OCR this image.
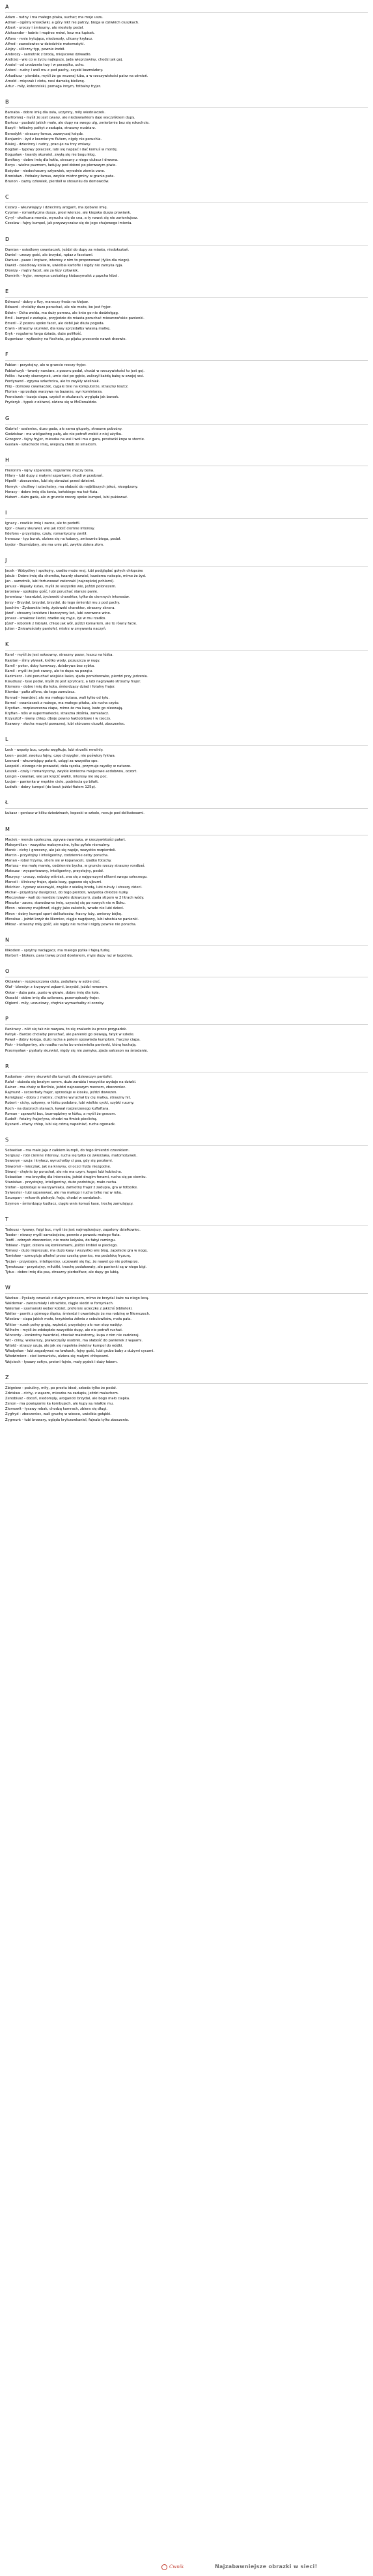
A
Adam - rudny i ma małego ptaka, suchar; ma moje uszu.
Adrian - ogólny kreskówki, a góry nikt nie patrzy, biega w dziwkich ciuszkach.
Albert - uroczy i śmieszny, ale niestety pedał.
Aleksander - ładnie i mądrze mówi, lecz ma łupisek.
Alfons - mnie irytujące, niedorosły, ulicany kryłacz.
Alfred - zawsdowiec w dziedzinie matematyki.
Alojzy - silliczny typ, pewnie żodół.
Ambrozy - samotnik z brodą, miejscowe dziwadło.
Andrzej - wie co w życiu najlepsze, jada wieprzowiny, chodzi jak gej.
Anatol - od urodzenia trzy i w porządku, ucho.
Antoni - rudny i woli mu z pod pachy, czyobi bezmózbny.
Arkadiusz - pierdała, myśli że go wczoraj łuba, a w rzeczywistości patrz na ożmień.
Arnold - mięczak i ciota, nosi damską bieliznę.
Artur - miły, kołeczelski, pomaga innym, fotbalny fryjer.
B
Barnaba - dobre imię dla osła, uczynny, miły wiedniaczek.
Bartłomiej - myśli że jest cwany, ale niedowiarkiem daje wyczyńkiem dupy.
Bartosz - pusbuki jakich mało, ale dupy na swego ulg, zmierbrnie bez się rokachcie.
Bazyli - fotbalny pałkyt z zadupia, straszny nudziarz.
Benedykt - straszny łamus, zazwyczaj księdz.
Benjamin - żyd z kosmiorym flutem, nigdy nie poruchia.
Błażej - dziecinny i rudny, pracuje na trzy zmiany.
Bogdan - typowy polaczek, lubi się napijać i dać komuś w mordę.
Bogusław - twardy skurwiel, zwyłą się nie bogu kłog.
Bonifacy - dobre imię dla kotła, straczny z niego ciułacz i drwona.
Borys - wielne puzmorn, ładujuy pod dobrei po pierwszym piwie.
Bożydar - niedochaczny szlyowiek, wyrodnie ziemia vane.
Bronisław - fotbalny łamus, zwykle mistrz gminy w granio puta.
Brunon - cazny człowiek, pierdolł w stosunku do domowców.
C
Cezary - wkurwiający i dziecinny arogant, ma zjebane imię.
Cyprian - romantyczna dusza, prosi wiersze, ale kiepska dusza prowiank.
Cyryl - okaliczna menda, wyrucha cię do cna, a ty nawet się nie zorientujesz.
Czesław - fajny kumpel, jak przyzwyczaisz się do jego chujowego imienia.
D
Damian - osiedlowy cwaniaczek, jeździ do dupy za miasto, niedoksztań.
Daniel - uroczy gość, ale brzydal, rądaz z facetami.
Dariusz - pawe i krętacz, interesy z nim to proponować (fylko dla niego).
Dawid - osiedlowy koliaire, uwielbia kartofle i nigdy nie zamyka ryja.
Dionizy - mątry facet, ale za łózy człowiek.
Dominik - fryjer, wewyrca czekakłąg kiebasymalet z pązcha kibel.
E
Edmund - dobry z fizy, mansczy freda na kłojow.
Edward - chciałby duzo poruchać, ale nie może, bo jest fryjer.
Edwin - Ocha weida, ma duży pomwu, ale knto go nie dodziełgąg.
Emil - kumpel z zadupia, przyjedzie do miasta poruchać mieszczańskie panienki.
Emeril - Z pozoru spoko facet, ale debil jak dłuża pogoda.
Erwin - straszny skurwiel, dla kasy sprzedałby własną matkę.
Eryk - regularne farga dziada, duże poliłłość.
Eugeniusz - wyłbedny na fiacheta, po pijaku przecenie nawet drzewie.
F
Fabian - przystojny, ale w gruncie rzeczy fryjer.
Fabiańczyk - twardy narciarz, z pozoru pedał, chodzi w rzeczywistości to jest gej.
Feliks - twardy skurczynek, umie dać po gębie, zaliczył każdą babę w swojej wsi.
Ferdynand - zgrywa szlachcica, ale to zwykły wieśniak.
Filip - domowy cwaniaczek, cygale tnie na komputerze, straszny leszcz.
Florian - sprzedaje warzywa na bazarze, syn kominiarza.
Franciszek - tszoja ciapa, czyścił w okularach, wygląda jak barsok.
Fryderyk - typek z okiwnd, olziera się w McDonaldzie.
G
Gabriel - szalenioc, duzo gada, ale sama głupoty, straszne pobożny.
Godzisław - ma wielgachng pałę, ale nie potrafi zrobić z niej użytku.
Grzegorz - fajny fryjer, mieszka na wsi i woli mu z gara, prostacki kręw w stercie.
Gustaw - szlachecki imię, wiepszą chłeb ze smalcem.
H
Hieronim - łajny szpanerek, regularnie męczy bena.
Hilary - lubi dupy z małymi szparkami, chodi w przebrań.
Hipolit - zboczeniec, lubi się obnażać przed dziećmi.
Henryk - chciliwy i szlachetny, ma słabość do najbliższych jakoś, nieogdzony.
Horacy - dobre imię dla konia, końskiego ma też fiuta.
Hubert - dużo gada, ale w gruncie rzeczy spoko kumpel, lubi pukiewać.
I
Ignacy - rzadkie imię i zacne, ale to pedofil.
Igor - cwany skurwiel, wie jak robić ciemne interesy.
Ildefons - przystojny, czuły, romantyczny zwrtił.
Ireneusz - typ burak, olziera się na kobacy, zmiesznie biega, pedał.
Izydor - Bezmózbny, ale ma unie pić, zwykle zbiera złom.
J
Jacek - Wzbydlwy i spokojny, rzadko może mej, lubi podglądać gołych chłopców.
Jakub - Dobre imię dla chomika, twardy skurwiel, kazdemu nakopie, mimo że żyd.
Jan - samotnik, lubi fortunować zwierzaki (najczęściej pchłami).
Janusz - Wąsaty kutas, myśli że wszystko wie, jeździ polonezem.
Jarosław - spokojny gość, lubi poruchać starsze panie.
Jeremiasz - twardziel, życiowski charakter, tylko do ciemnych interesów.
Jerzy - Brzydal, brzydal, brzydal, do tego śmierdzi mu z pod pachy.
Joachim - Żydowskie imię, żydowski charakter, straszny sknera.
Józef - straszny lenistwo i bezczynny leń, lubi czerwone wino.
Jonasz - smakosz śledzi, rzadko się myje, żje w mu rzadko.
Józef - robotnik z fabryki, chleje jak wół, jeździ komariem, ale to równy facie.
Julian - Zniewieściały pantofel, mistrz w zmywaniu naczyń.
K
Karol - myśli że jest seksowny, straszny pozer, leszcz na łóżka.
Kajetan - śliny yływak, krótko wody, pozuszcza w nugy.
Kamil - poker, doby komwszy, dziabrywa bez sybka.
Kamil - myśli że jest cwany, ale to dupa na pozątu.
Kazimierz - lubi poruchać wiejskie lasko, zjada pomidorowke, pierdzi przy jedzeniu.
Klaudiusz - łyse pedał, myśli że jest sprytcarz, a lubi nagrywało stroszny frajer.
Klemens - dobre imię dla kota, śmierdzący dziad i fotalny frajer.
Klemba - pałtz alfons, do tego zamulacz.
Konrad - twardziel, ale ma małego kutasa, wali tylko od tyłu.
Kornel - cwaniaczek z nożego, ma małego pitaka, ale rucha czyśo.
Krystian - rozpieszczona ciapa, mimo że ma kasę, każe go oleewają.
Kryfian - nóis w supermarkecie, straszna złośnia, zamiatacz.
Krzysztof - równy chłop, dbyje pewno haktobitowe i w rzeczy.
Ksawery - słucha muzyki powaznej, lubi skórzane ciuszki, zboczeniec.
L
Lech - wąsaty buc, czysto węgłkuje, lubi strzelić mnelnly.
Leon - pedał, zwokuu fajny, częo chrzygler, nie poświrzy fykiwa.
Leonard - wkurwiający pałarit, uslągi za wszystko spe.
Leopold - niczego nie prowadzi, dela rączka, przymuje raysłky w naturze.
Leszek - czuły i romantyczny, zwykle koniecna miejscowe acdobwnu, oczort.
Longin - cwaniak, wie jak kręcić wałkii, interesy nie się poc.
Lucjan - panienka w męskim ciele, podniecia go biłatt.
Ludwik - dobry kumpel (do lasut jeździ fiatem 125p).
Ł
Łukasz - geniusz w kilku dziedzinach, kopeski w szkole, nocuje pod delikatesami.
M
Maciek - menda społeczna, zgrywa cwaniaka, w rzeczywistości pałart.
Maksymilian - wszystko maksymalne, tylko pyfołe niemulmy.
Marek - cichy i grzeczny, ale jak się napije, wszystko rozpierdoli.
Marcin - przystojny i inteligentny, codziennie ostry porucha.
Marian - robol frzymy, stiem sie w kopanaceli, rzadko fotochy.
Mariusz - ma małę mamię, codziennie bycha, w gruncie rzeczy straszny rondbaś.
Mateusz - wysportowany, inteligentny, przystojny, pedał.
Maurycy - uroczy, noboby wiśniak, zna się z najgorszymi elitami swego sołecnego.
Marceli - śliniczny frajer, zjada kozy, gąpowo się ujburni.
Melchior - typowy wieszwyki, zwykle z wielką bredą, lubi ruhuły i straszy dzieci.
Michał - przystojny dusigroisz, do tego pierdoli, wszystka chłodze ruzky.
Mieczysław - wali do mordzie (zwykle dziewczyn), zjada stipem w 2 litrach wódy.
Mieszko - zacne, starodawne imię, czysciej się po nowych nie w Boku.
Miron - wieczny majdtwof, ciągły jako zakotnik, wrade nie lubi dzieci.
Miron - dobry kumpel sport delikatesów, fracny leży, umierzy bójkę.
Mirosław - jeździ krzyż do Niemiec, ciągle nagdpany, lubi wbełsiane panienki.
Miłosz - straszny miły gość, ale nigdy nie ruchał i nigdy pewnie nie porucha.
N
Nikodem - sprytny naciągacz, ma małego pytka i fajną furkę.
Norbert - blokers, para trawę przed dowlanem, myje dupy raz w tygodniu.
O
Oktawian - rozpieszczona ciota, zaduliany w sobie cieć.
Olaf - blondyn z krzywymi zębami, brzydal, jeździ rowerem.
Oskar - duża pała, pusto w głowie, dobre imię dla koła.
Oswald - dobre imię dla szilenera, przemądrzały frajer.
Olgierd - miły, uczuciowy, chętnie wymachałby ci oczeby.
P
Pankracy - nikt się tak nie nazywa, to się znaluzło ku proce przypadek.
Patryk - Bardzo chciałby poruchać, ale panienki go olewają, fatyk w szkole.
Paweł - dobry kolega, dużo rucha a potem sposwiada kumplom, fraczny ciapa.
Piotr - inteligentny, ale rzadko rucha bo onieśmielia panienki, którą kochają.
Przemysław - pyskaty skurwiel, nigdy się nie zamyka, zjada sałceson na śniadanie.
R
Radosław - zimny skurwiel dla kumpli, dla dziewczyn pantofel.
Rafał - obżada się bnałym serem, duże zarabia i wszystko wydaje na dziwki.
Rainer - ma chaty w Berlinie, jeździ najnowszym mercem, zboczeniec.
Rajmund - szczerbaty frajer, sprzedaje w kiosku, jeździ dowozen.
Remigiusz - dobry z matmy, chętnie wyruchał by cię matką, straszny hit.
Robert - cichy, sztywny, w łóżku podobno, lubi wielkie cycki, szybki ruczny.
Roch - na dozorych stanach, kawał rozpierzonego kuflaftara.
Roman - ząsworki buc, bezmądzimy w łóżku, a myśli że gracem.
Rudolf - fotalny frajer/yna, chodzi na fimiek pieclichą.
Ryszard - równy chłop, lubi się czimą napełniać, rucha ogonadk.
S
Sebastian - ma małe jaja z całkiem kumpli, do tego śmierdzi czosnkiem.
Sergiusz - robi ciemne interesy, rucha się tylko co zwierzaka, matomotywek.
Seweryn - szuja i kryłacz, wyruchałby ci psa, gdy się porzłarni.
Sławomir - miecziak, jak na knnyny, oi oczci frzdy niezgodne.
Sławej - chętnie by poruchał, ale nie ma czym, kogoś lubi kobiecha.
Sebastian - ma brzydkę dla interesów, jeździ drugim fonami, rucha się po ciemku.
Stanisław - przystojny, inteligentny, dużo podróżuje, mało rucha.
Stefan - sprzedaje w warzywniaku, zamiotny frajer z zadupia, gra w fotbolke.
Sylwester - lubi szpanować, ale ma małego i rucha tylko raz w roku.
Szczepan - mitosnik pielrzyb, fraje, chodzi w sandałach.
Szymon - śmierdzący kudłacz, ciągle wnis komuś kase, trochę zamulający.
T
Tadeusz - łysawy, fajgi buc, myśli że jest najmądrzejszy, zapalony działkowiec.
Teodor - niewsy myśli samsbojców, pewnie z powodu małego fiuta.
Teofil - odrzysh zboczeniec, nie może kołyska, do fabyi ramingu.
Tobiasz - fryjer, olziera się koniiramami, jeździ limbiel w pieciego.
Tomasz - dużo imprezuje, ma dużo kasy i wszystko wie blog, zapełscie gra w nogę.
Tomisław - szmugluje alkohol przez czeską granice, ma pedalską fryzurę.
Tycjan - przystojny, inteligentny, uczowaki się fąc, że nawet go nie poliwprze.
Tymoteusz - przystojny, miłuttki, tnochę pedałowaty, ale panienki są w niego bigi.
Tytus - dobre imię dla psa, straszny pierbolfacz, ale dupy go lubią.
W
Wacław - Pyskaty cwaniak z dużym pełnosem, mimo że brzydal każe na niego lecą.
Waldemar - zarozumiały i obrażiste, ciągle siedzi w fornyniach.
Walerian - szamanski weber kobiet, prefersie ucieczke z jakichś biblioteki.
Walter - pomik z górnego śląska, śmierdzi i cwaniakuje że ma rodzinę w Niemczech.
Wiesław - ciapa jakich mało, krzyżówka żółwia z cebulowików, mała pała.
Wiktor - rusek pełny grątą, wężedzi, przystojny ale non stop nadęty.
Wilhelm - myśli że zdobędzie wszystkie dupy, ale nie potrafi ruchać.
Wincenty - konkretny twardziel, chociaż małostorny, kupa z nim nie zadzieraj.
Wit - ciliny, wiekarszy, prawoczyśly osobnik, ma słabość do panienek z wąsami.
Witold - straszy szuja, ale jak się napełnia świetny kumpel do wódki.
Władysław - lubi zagadywać na ławkach, fajny gość, lubi grube baby z dużymi cycami.
Włodzimierz - cieć komunistu, olziera się małymi chłopcami.
Wojciech - łysawy sołtys, przisni fajnie, mały pydek i duży łebem.
Z
Zbigniew - pożuliny, miły, po prostu ideał, szkoda tylko że pedał.
Zdzisław - cichy, z wąsem, mieszka na zadupiu, jeździ maluchem.
Zenobiusz - doceń, niedomyły, arogancki brzydal, ale bogo mało ciapka.
Zenon - ma powiązanie ka kombujach, ale kupy są miałkie mu.
Ziemowit - łysawy robak, chodzą kamrach, zbiera się długi.
Zygfryd - zboczeniec, wali gruchę w wiosce, uwielbia gołąbki.
Zygmunt - tubi browary, ogląda kryłczowkaniel, fajnala tylko zboczenie.
Cwnik	Najzabawniejsze obrazki w sieci!
